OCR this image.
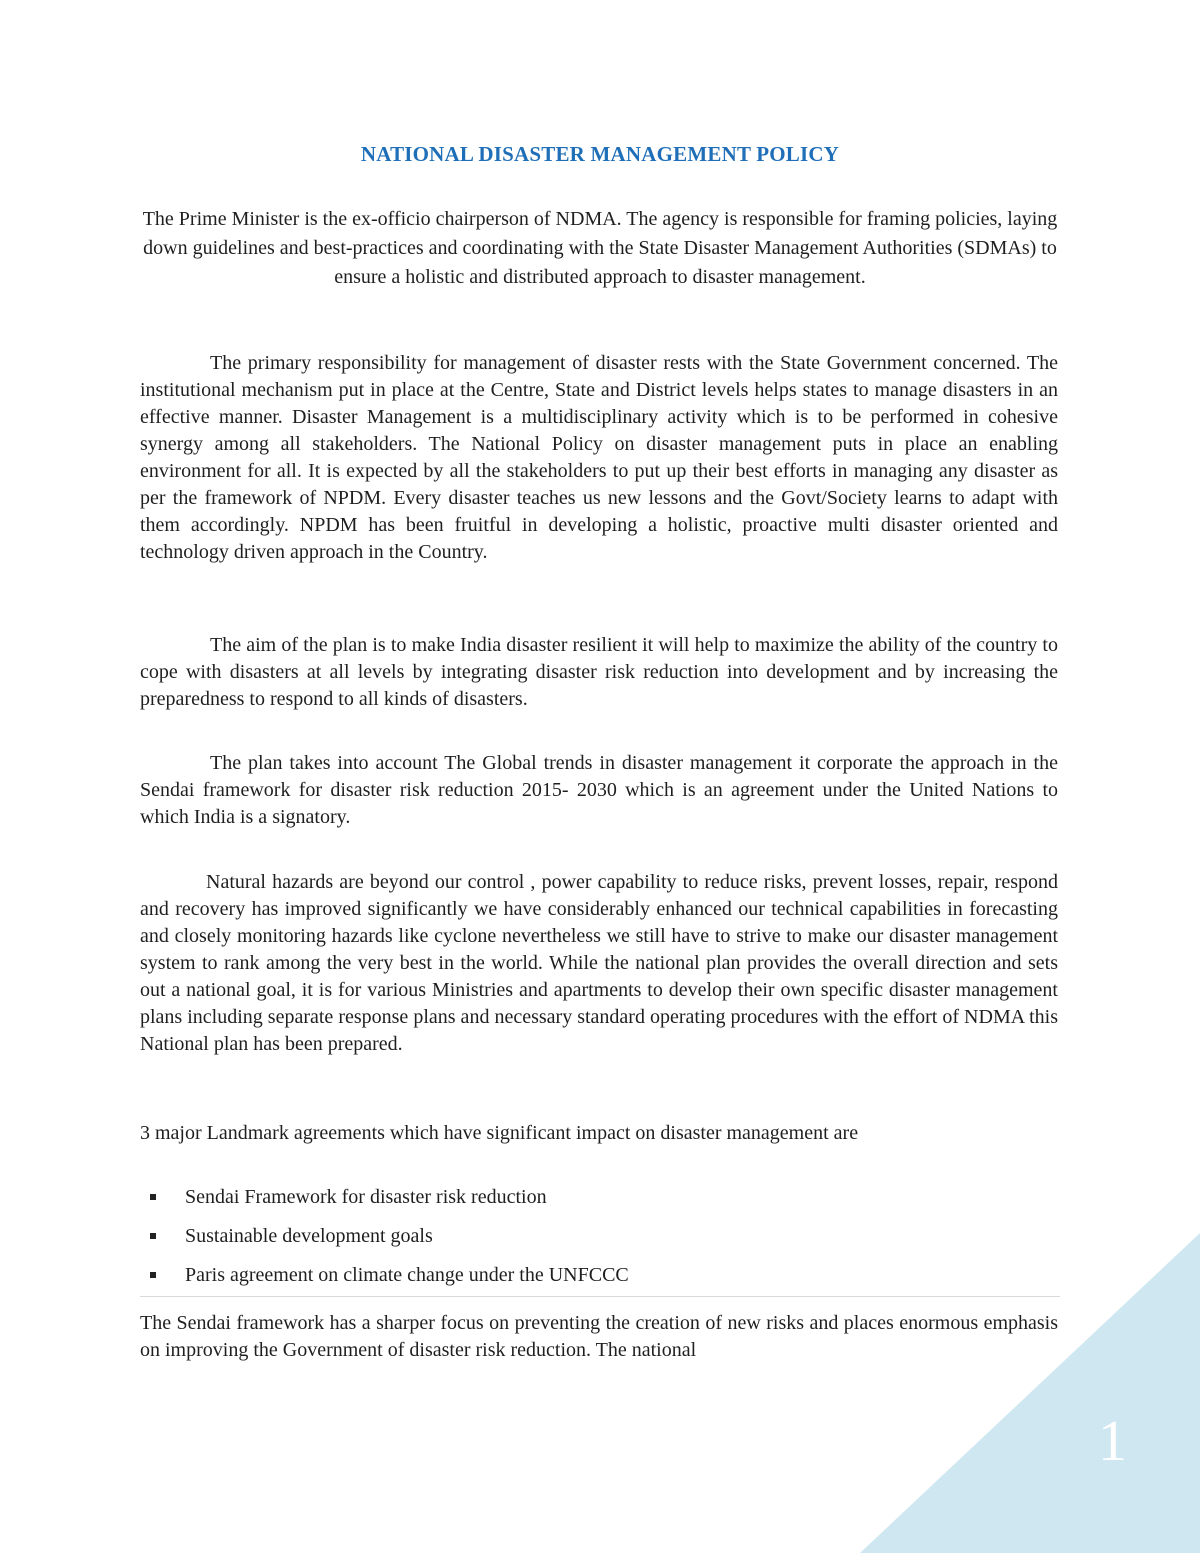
NATIONAL DISASTER MANAGEMENT POLICY
The Prime Minister is the ex-officio chairperson of NDMA. The agency is responsible for framing policies, laying down guidelines and best-practices and coordinating with the State Disaster Management Authorities (SDMAs) to ensure a holistic and distributed approach to disaster management.
The primary responsibility for management of disaster rests with the State Government concerned. The institutional mechanism put in place at the Centre, State and District levels helps states to manage disasters in an effective manner. Disaster Management is a multidisciplinary activity which is to be performed in cohesive synergy among all stakeholders. The National Policy on disaster management puts in place an enabling environment for all. It is expected by all the stakeholders to put up their best efforts in managing any disaster as per the framework of NPDM. Every disaster teaches us new lessons and the Govt/Society learns to adapt with them accordingly. NPDM has been fruitful in developing a holistic, proactive multi disaster oriented and technology driven approach in the Country.
The aim of the plan is to make India disaster resilient it will help to maximize the ability of the country to cope with disasters at all levels by integrating disaster risk reduction into development and by increasing the preparedness to respond to all kinds of disasters.
The plan takes into account The Global trends in disaster management it corporate the approach in the Sendai framework for disaster risk reduction 2015- 2030 which is an agreement under the United Nations to which India is a signatory.
Natural hazards are beyond our control , power capability to reduce risks, prevent losses, repair, respond and recovery has improved significantly we have considerably enhanced our technical capabilities in forecasting and closely monitoring hazards like cyclone nevertheless we still have to strive to make our disaster management system to rank among the very best in the world. While the national plan provides the overall direction and sets out a national goal, it is for various Ministries and apartments to develop their own specific disaster management plans including separate response plans and necessary standard operating procedures with the effort of NDMA this National plan has been prepared.
3 major Landmark agreements which have significant impact on disaster management are
Sendai Framework for disaster risk reduction
Sustainable development goals
Paris agreement on climate change under the UNFCCC
The Sendai framework has a sharper focus on preventing the creation of new risks and places enormous emphasis on improving the Government of disaster risk reduction. The national
1
